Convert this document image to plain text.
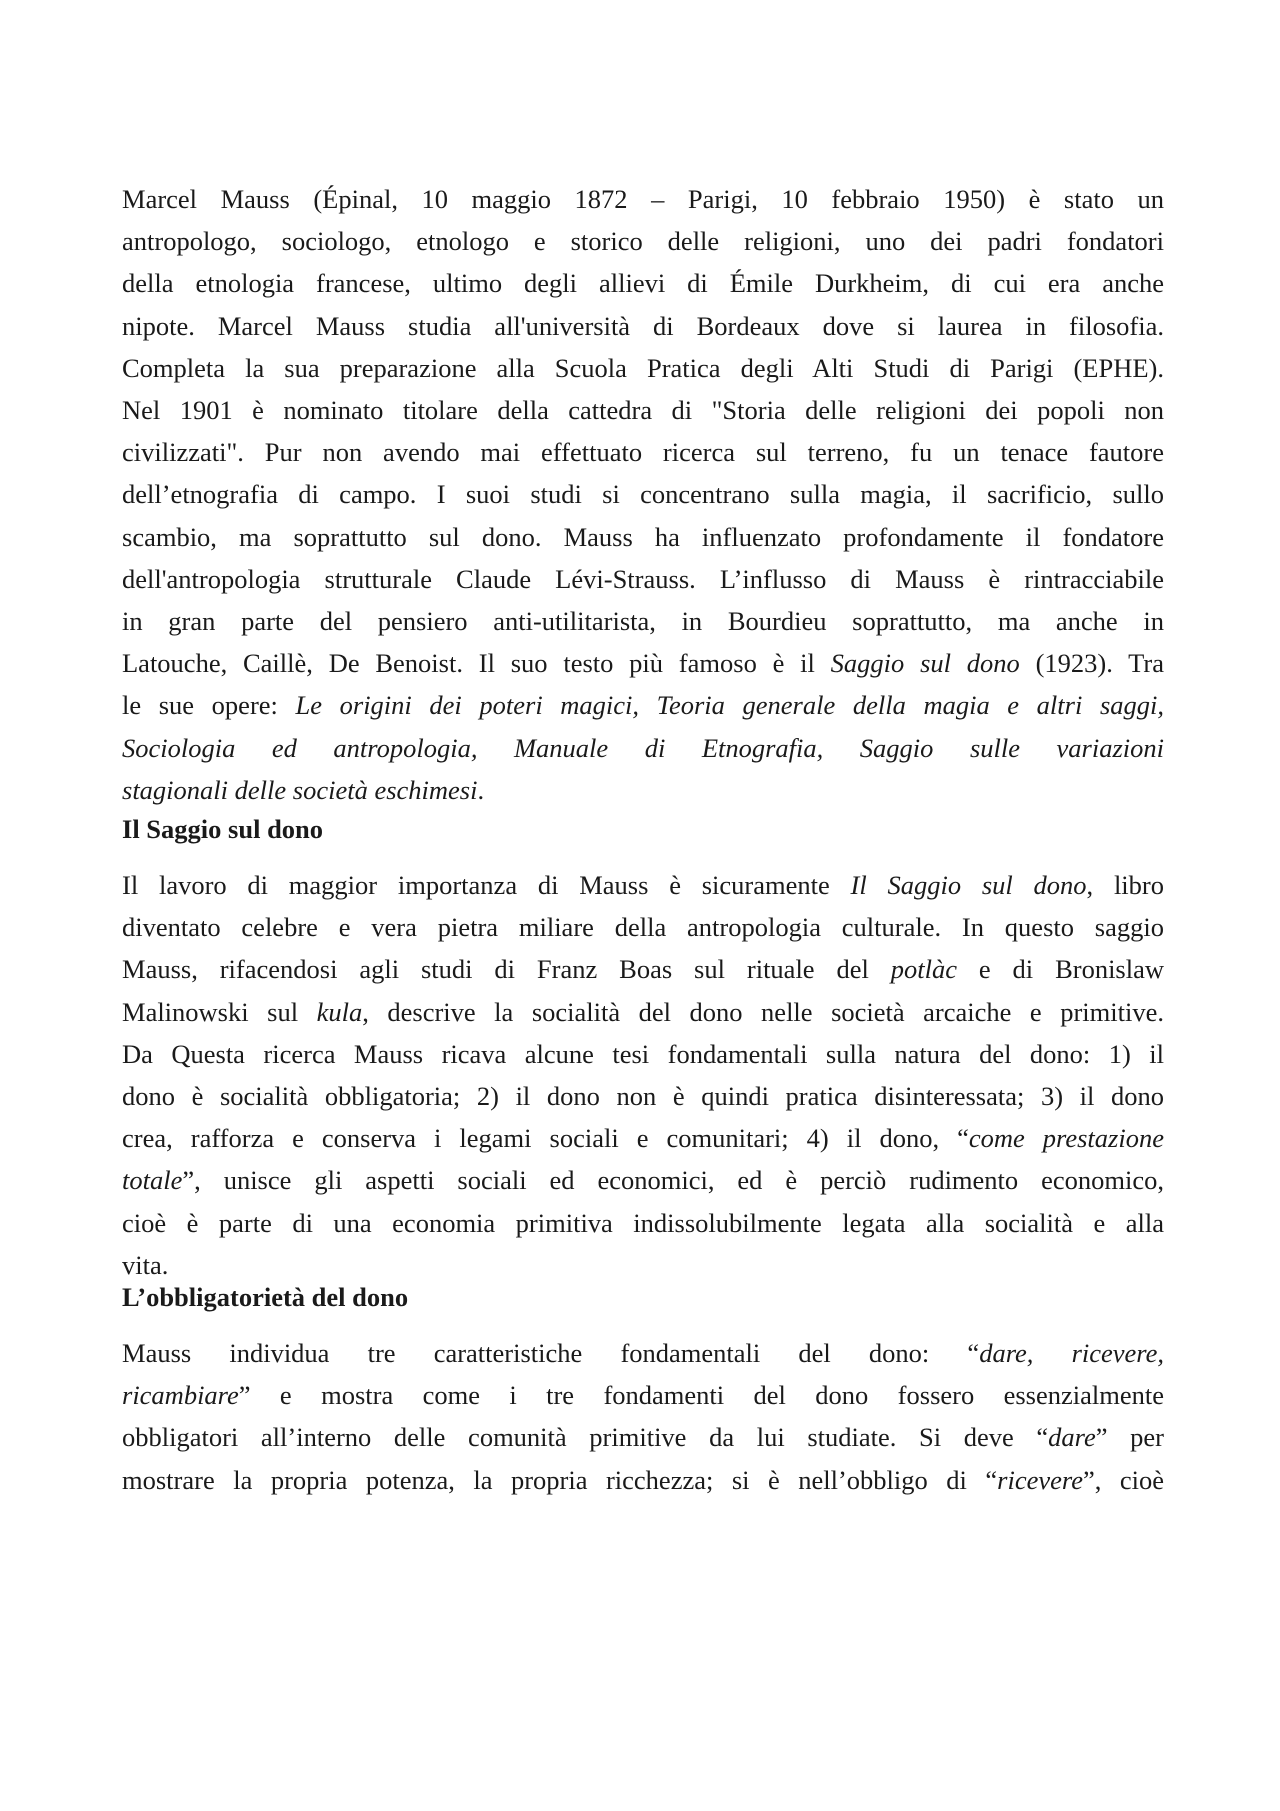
Marcel Mauss (Épinal, 10 maggio 1872 – Parigi, 10 febbraio 1950) è stato un
antropologo, sociologo, etnologo e storico delle religioni, uno dei padri fondatori
della etnologia francese, ultimo degli allievi di Émile Durkheim, di cui era anche
nipote. Marcel Mauss studia all'università di Bordeaux dove si laurea in filosofia.
Completa la sua preparazione alla Scuola Pratica degli Alti Studi di Parigi (EPHE).
Nel 1901 è nominato titolare della cattedra di "Storia delle religioni dei popoli non
civilizzati". Pur non avendo mai effettuato ricerca sul terreno, fu un tenace fautore
dell’etnografia di campo. I suoi studi si concentrano sulla magia, il sacrificio, sullo
scambio, ma soprattutto sul dono. Mauss ha influenzato profondamente il fondatore
dell'antropologia strutturale Claude Lévi-Strauss. L’influsso di Mauss è rintracciabile
in gran parte del pensiero anti-utilitarista, in Bourdieu soprattutto, ma anche in
Latouche, Caillè, De Benoist. Il suo testo più famoso è il Saggio sul dono (1923). Tra
le sue opere: Le origini dei poteri magici, Teoria generale della magia e altri saggi,
Sociologia ed antropologia, Manuale di Etnografia, Saggio sulle variazioni
stagionali delle società eschimesi.
Il Saggio sul dono
Il lavoro di maggior importanza di Mauss è sicuramente Il Saggio sul dono, libro
diventato celebre e vera pietra miliare della antropologia culturale. In questo saggio
Mauss, rifacendosi agli studi di Franz Boas sul rituale del potlàc e di Bronislaw
Malinowski sul kula, descrive la socialità del dono nelle società arcaiche e primitive.
Da Questa ricerca Mauss ricava alcune tesi fondamentali sulla natura del dono: 1) il
dono è socialità obbligatoria; 2) il dono non è quindi pratica disinteressata; 3) il dono
crea, rafforza e conserva i legami sociali e comunitari; 4) il dono, “come prestazione
totale”, unisce gli aspetti sociali ed economici, ed è perciò rudimento economico,
cioè è parte di una economia primitiva indissolubilmente legata alla socialità e alla
vita.
L’obbligatorietà del dono
Mauss individua tre caratteristiche fondamentali del dono: “dare, ricevere,
ricambiare” e mostra come i tre fondamenti del dono fossero essenzialmente
obbligatori all’interno delle comunità primitive da lui studiate. Si deve “dare” per
mostrare la propria potenza, la propria ricchezza; si è nell’obbligo di “ricevere”, cioè
